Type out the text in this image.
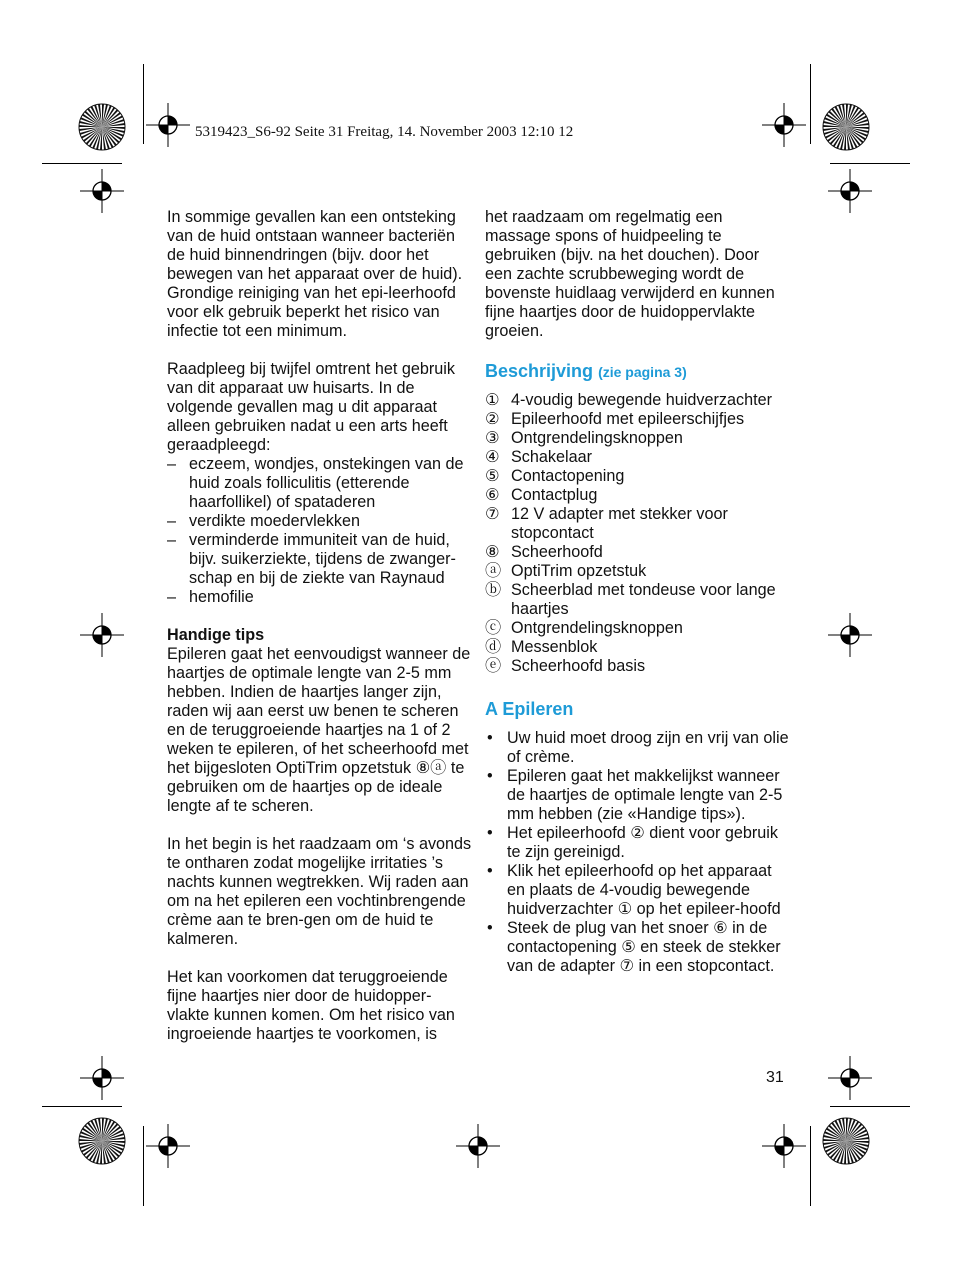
5319423_S6-92 Seite 31 Freitag, 14. November 2003 12:10 12

In sommige gevallen kan een ontsteking van de huid ontstaan wanneer bacteriën de huid binnendringen (bijv. door het bewegen van het apparaat over de huid). Grondige reiniging van het epi-leerhoofd voor elk gebruik beperkt het risico van infectie tot een minimum.

Raadpleeg bij twijfel omtrent het gebruik van dit apparaat uw huisarts. In de volgende gevallen mag u dit apparaat alleen gebruiken nadat u een arts heeft geraadpleegd:

– eczeem, wondjes, onstekingen van de huid zoals folliculitis (etterende haarfollikel) of spataderen
– verdikte moedervlekken
– verminderde immuniteit van de huid, bijv. suikerziekte, tijdens de zwanger-schap en bij de ziekte van Raynaud
– hemofilie

Handige tips

Epileren gaat het eenvoudigst wanneer de haartjes de optimale lengte van 2-5 mm hebben. Indien de haartjes langer zijn, raden wij aan eerst uw benen te scheren en de teruggroeiende haartjes na 1 of 2 weken te epileren, of het scheerhoofd met het bijgesloten OptiTrim opzetstuk ⑧ⓐ te gebruiken om de haartjes op de ideale lengte af te scheren.

In het begin is het raadzaam om ‘s avonds te ontharen zodat mogelijke irritaties ’s nachts kunnen wegtrekken. Wij raden aan om na het epileren een vochtinbrengende crème aan te bren-gen om de huid te kalmeren.

Het kan voorkomen dat teruggroeiende fijne haartjes nier door de huidopper-vlakte kunnen komen. Om het risico van ingroeiende haartjes te voorkomen, is

het raadzaam om regelmatig een massage spons of huidpeeling te gebruiken (bijv. na het douchen). Door een zachte scrubbeweging wordt de bovenste huidlaag verwijderd en kunnen fijne haartjes door de huidoppervlakte groeien.

Beschrijving (zie pagina 3)

① 4-voudig bewegende huidverzachter
② Epileerhoofd met epileerschijfjes
③ Ontgrendelingsknoppen
④ Schakelaar
⑤ Contactopening
⑥ Contactplug
⑦ 12 V adapter met stekker voor stopcontact
⑧ Scheerhoofd
ⓐ OptiTrim opzetstuk
ⓑ Scheerblad met tondeuse voor lange haartjes
ⓒ Ontgrendelingsknoppen
ⓓ Messenblok
ⓔ Scheerhoofd basis

A Epileren

• Uw huid moet droog zijn en vrij van olie of crème.
• Epileren gaat het makkelijkst wanneer de haartjes de optimale lengte van 2-5 mm hebben (zie «Handige tips»).
• Het epileerhoofd ② dient voor gebruik te zijn gereinigd.
• Klik het epileerhoofd op het apparaat en plaats de 4-voudig bewegende huidverzachter ① op het epileer-hoofd
• Steek de plug van het snoer ⑥ in de contactopening ⑤ en steek de stekker van de adapter ⑦ in een stopcontact.
31
